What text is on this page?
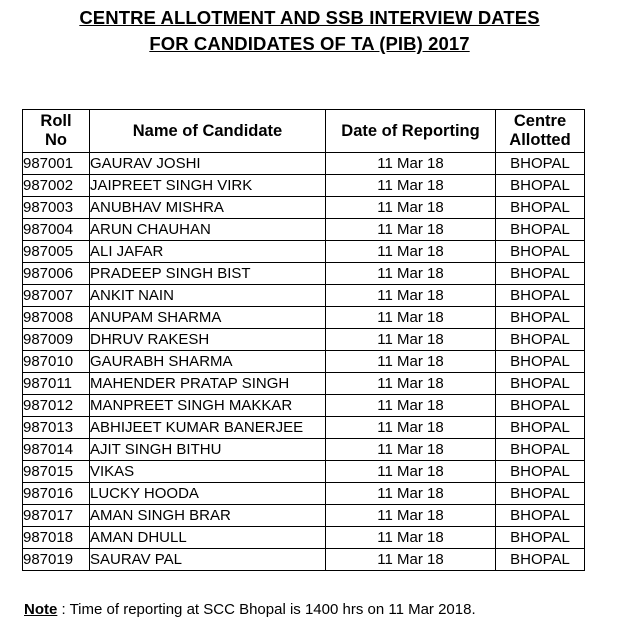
CENTRE ALLOTMENT AND SSB INTERVIEW DATES
FOR CANDIDATES OF TA (PIB) 2017
Roll
No	Name of Candidate	Date of Reporting	Centre
Allotted
987001	GAURAV JOSHI	11 Mar 18	BHOPAL
987002	JAIPREET SINGH VIRK	11 Mar 18	BHOPAL
987003	ANUBHAV MISHRA	11 Mar 18	BHOPAL
987004	ARUN CHAUHAN	11 Mar 18	BHOPAL
987005	ALI JAFAR	11 Mar 18	BHOPAL
987006	PRADEEP SINGH BIST	11 Mar 18	BHOPAL
987007	ANKIT NAIN	11 Mar 18	BHOPAL
987008	ANUPAM SHARMA	11 Mar 18	BHOPAL
987009	DHRUV RAKESH	11 Mar 18	BHOPAL
987010	GAURABH SHARMA	11 Mar 18	BHOPAL
987011	MAHENDER PRATAP SINGH	11 Mar 18	BHOPAL
987012	MANPREET SINGH MAKKAR	11 Mar 18	BHOPAL
987013	ABHIJEET KUMAR BANERJEE	11 Mar 18	BHOPAL
987014	AJIT SINGH BITHU	11 Mar 18	BHOPAL
987015	VIKAS	11 Mar 18	BHOPAL
987016	LUCKY HOODA	11 Mar 18	BHOPAL
987017	AMAN SINGH BRAR	11 Mar 18	BHOPAL
987018	AMAN DHULL	11 Mar 18	BHOPAL
987019	SAURAV PAL	11 Mar 18	BHOPAL
Note : Time of reporting at SCC Bhopal is 1400 hrs on 11 Mar 2018.
